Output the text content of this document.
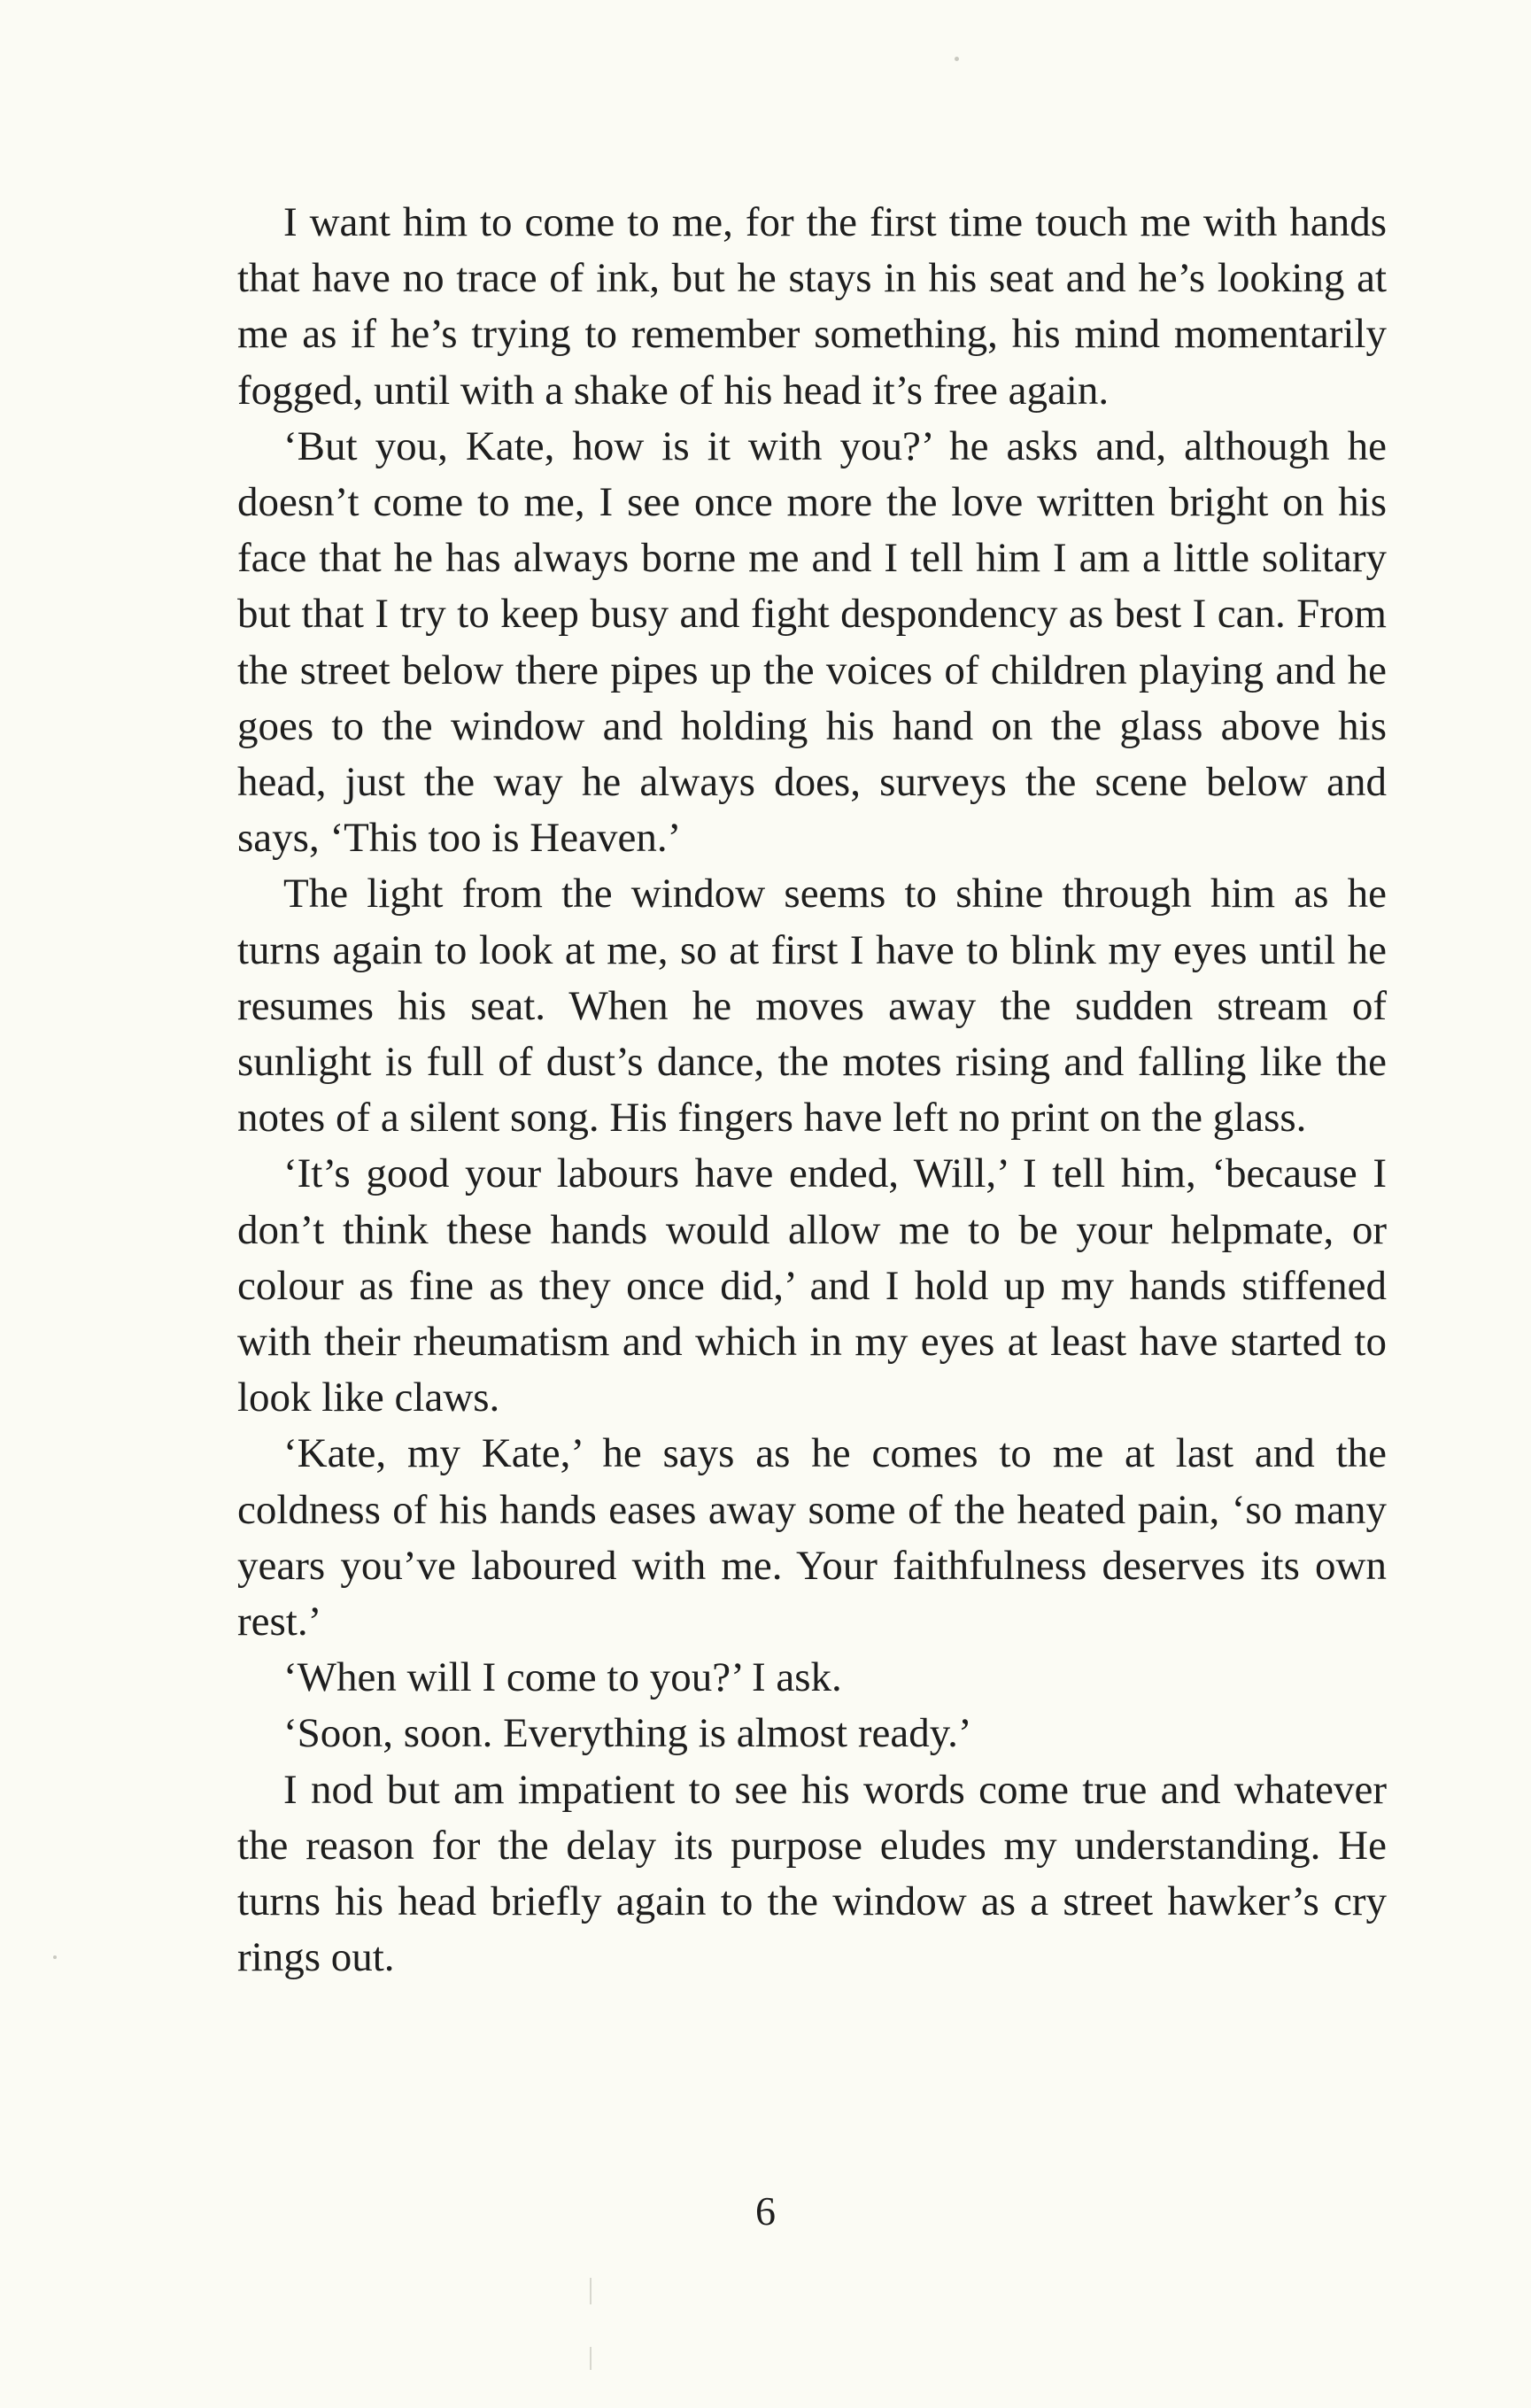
I want him to come to me, for the first time touch me with hands that have no trace of ink, but he stays in his seat and he’s looking at me as if he’s trying to remember something, his mind momentarily fogged, until with a shake of his head it’s free again.

‘But you, Kate, how is it with you?’ he asks and, although he doesn’t come to me, I see once more the love written bright on his face that he has always borne me and I tell him I am a little solitary but that I try to keep busy and fight despondency as best I can. From the street below there pipes up the voices of children playing and he goes to the window and holding his hand on the glass above his head, just the way he always does, surveys the scene below and says, ‘This too is Heaven.’

The light from the window seems to shine through him as he turns again to look at me, so at first I have to blink my eyes until he resumes his seat. When he moves away the sudden stream of sunlight is full of dust’s dance, the motes rising and falling like the notes of a silent song. His fingers have left no print on the glass.

‘It’s good your labours have ended, Will,’ I tell him, ‘because I don’t think these hands would allow me to be your helpmate, or colour as fine as they once did,’ and I hold up my hands stiffened with their rheumatism and which in my eyes at least have started to look like claws.

‘Kate, my Kate,’ he says as he comes to me at last and the coldness of his hands eases away some of the heated pain, ‘so many years you’ve laboured with me. Your faithfulness deserves its own rest.’

‘When will I come to you?’ I ask.

‘Soon, soon. Everything is almost ready.’

I nod but am impatient to see his words come true and whatever the reason for the delay its purpose eludes my understanding. He turns his head briefly again to the window as a street hawker’s cry rings out.

6
